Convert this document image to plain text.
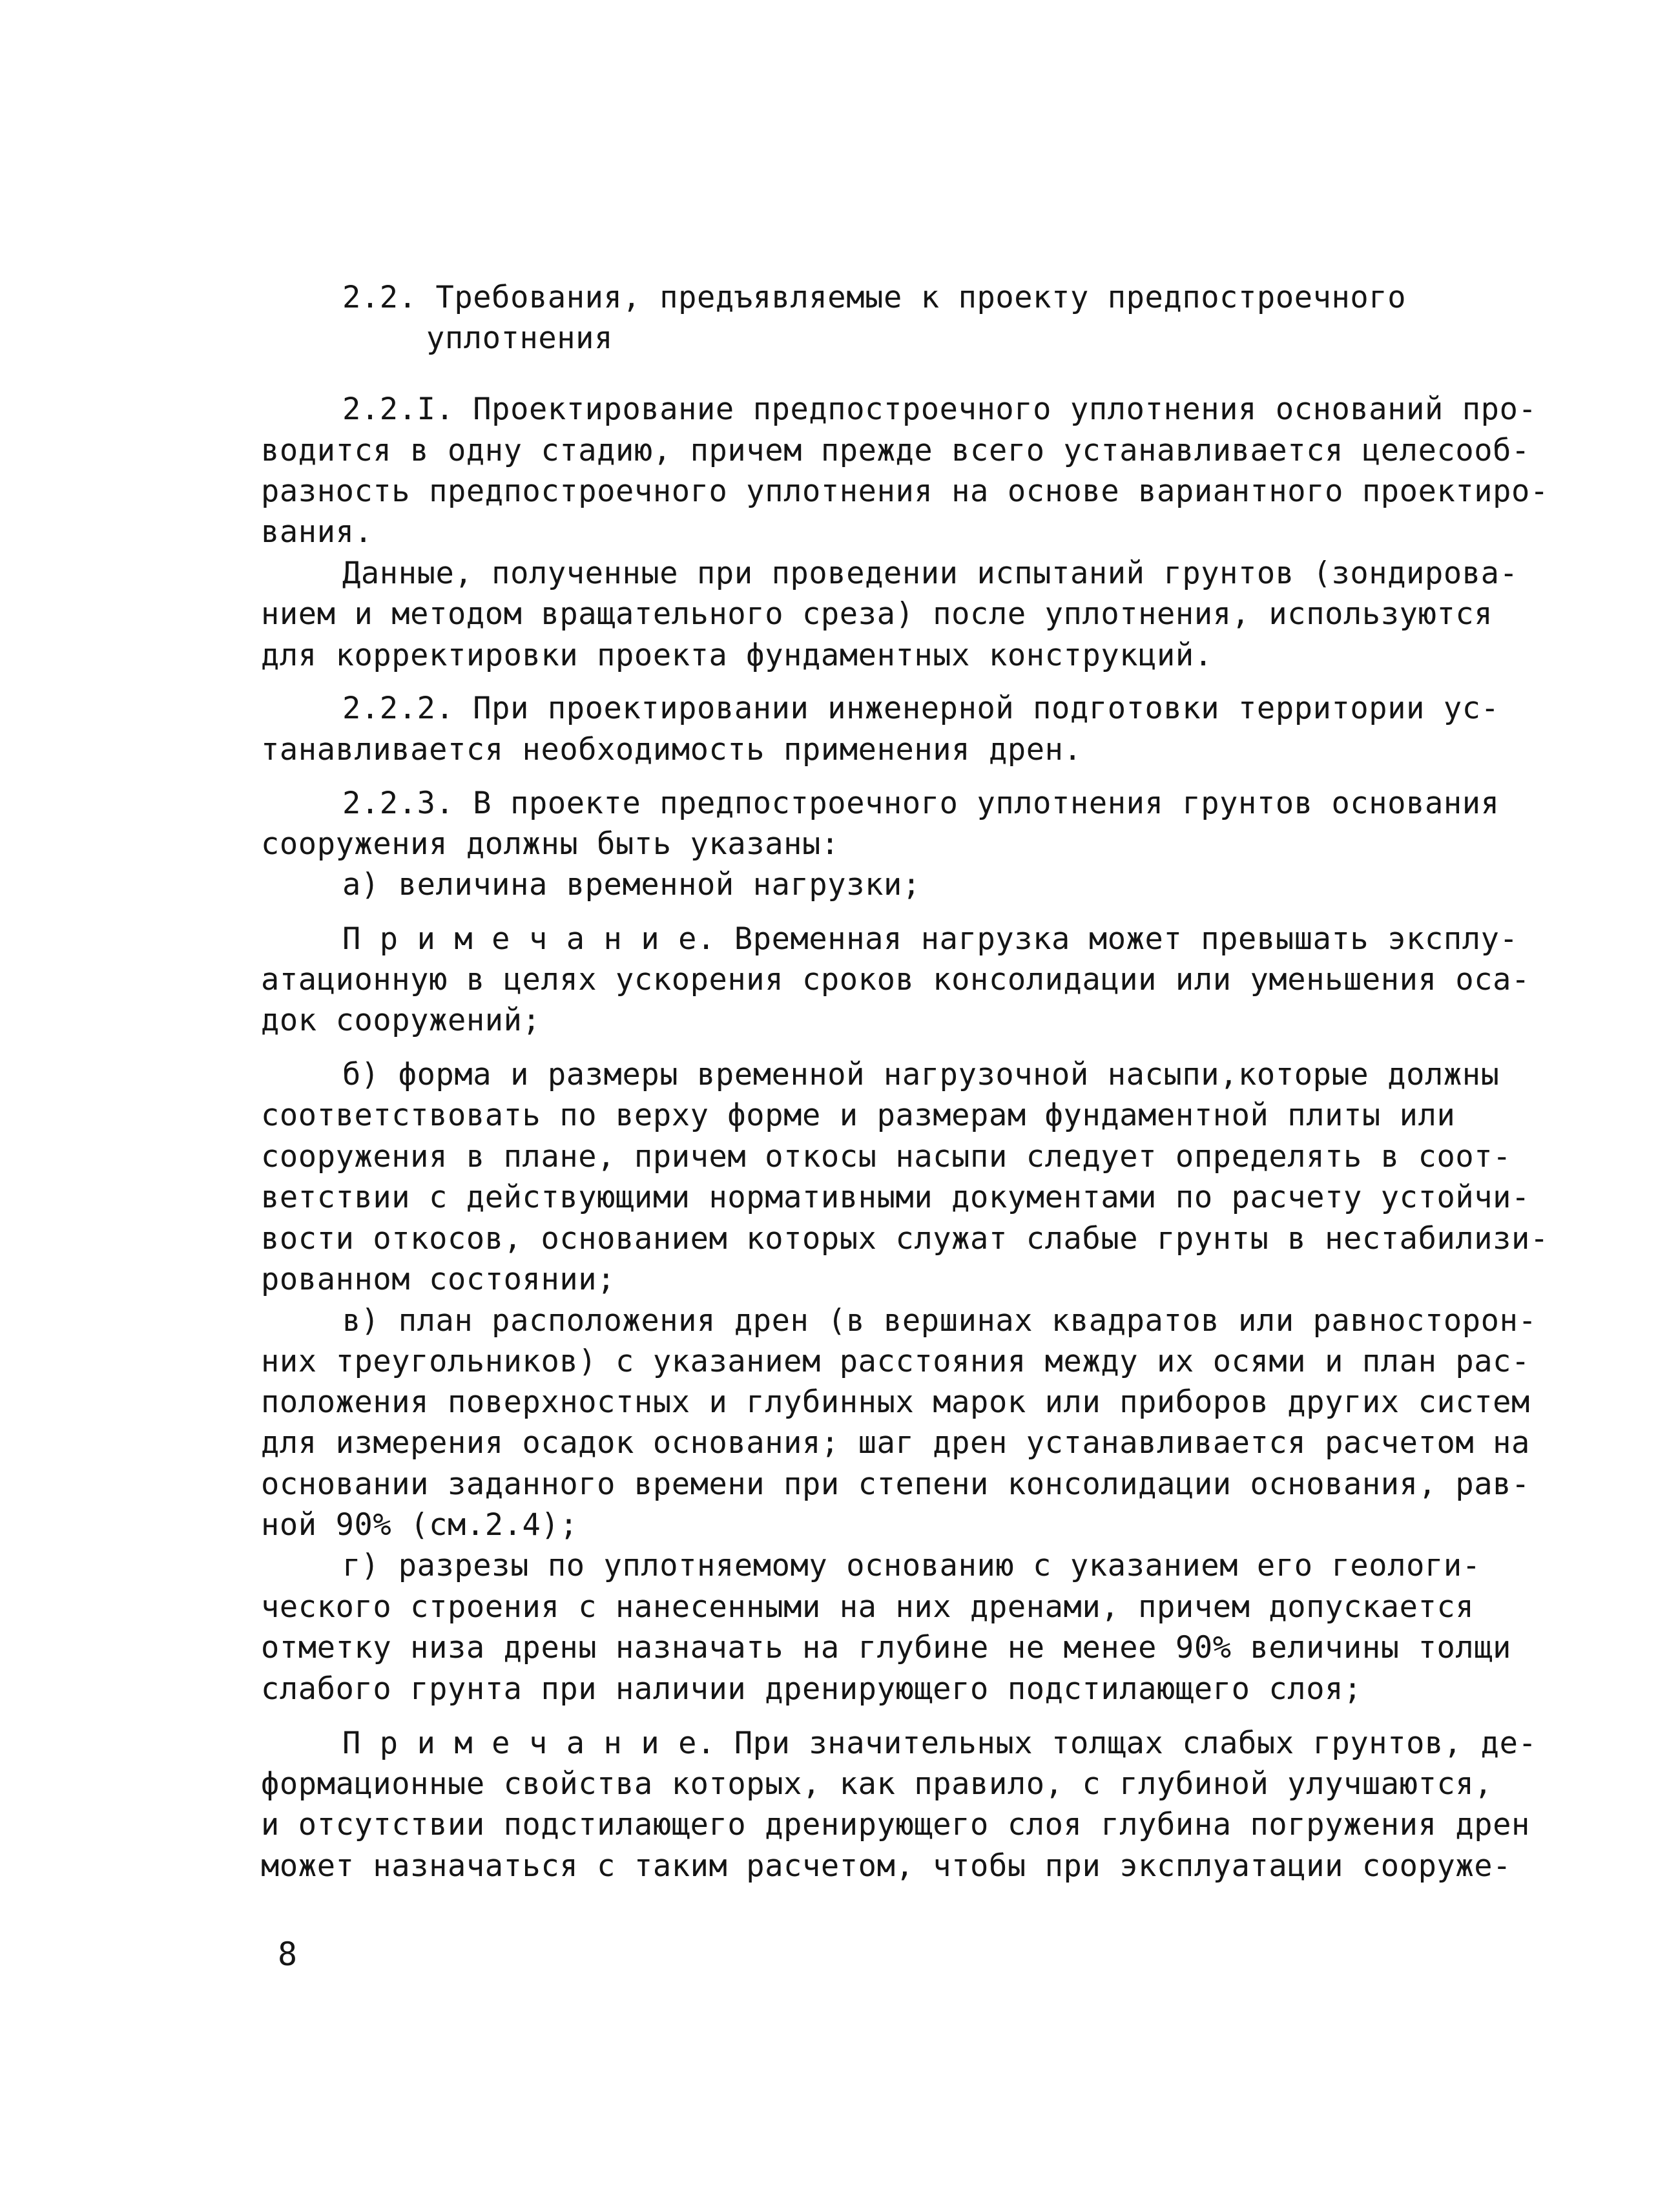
2.2. Требования, предъявляемые к проекту предпостроечного
уплотнения
2.2.I. Проектирование предпостроечного уплотнения оснований про-
водится в одну стадию, причем прежде всего устанавливается целесооб-
разность предпостроечного уплотнения на основе вариантного проектиро-
вания.
Данные, полученные при проведении испытаний грунтов (зондирова-
нием и методом вращательного среза) после уплотнения, используются
для корректировки проекта фундаментных конструкций.
2.2.2. При проектировании инженерной подготовки территории ус-
танавливается необходимость применения дрен.
2.2.3. В проекте предпостроечного уплотнения грунтов основания
сооружения должны быть указаны:
а) величина временной нагрузки;
П р и м е ч а н и е. Временная нагрузка может превышать эксплу-
атационную в целях ускорения сроков консолидации или уменьшения оса-
док сооружений;
б) форма и размеры временной нагрузочной насыпи,которые должны
соответствовать по верху форме и размерам фундаментной плиты или
сооружения в плане, причем откосы насыпи следует определять в соот-
ветствии с действующими нормативными документами по расчету устойчи-
вости откосов, основанием которых служат слабые грунты в нестабилизи-
рованном состоянии;
в) план расположения дрен (в вершинах квадратов или равносторон-
них треугольников) с указанием расстояния между их осями и план рас-
положения поверхностных и глубинных марок или приборов других систем
для измерения осадок основания; шаг дрен устанавливается расчетом на
основании заданного времени при степени консолидации основания, рав-
ной 90% (см.2.4);
г) разрезы по уплотняемому основанию с указанием его геологи-
ческого строения с нанесенными на них дренами, причем допускается
отметку низа дрены назначать на глубине не менее 90% величины толщи
слабого грунта при наличии дренирующего подстилающего слоя;
П р и м е ч а н и е. При значительных толщах слабых грунтов, де-
формационные свойства которых, как правило, с глубиной улучшаются,
и отсутствии подстилающего дренирующего слоя глубина погружения дрен
может назначаться с таким расчетом, чтобы при эксплуатации сооруже-
8
